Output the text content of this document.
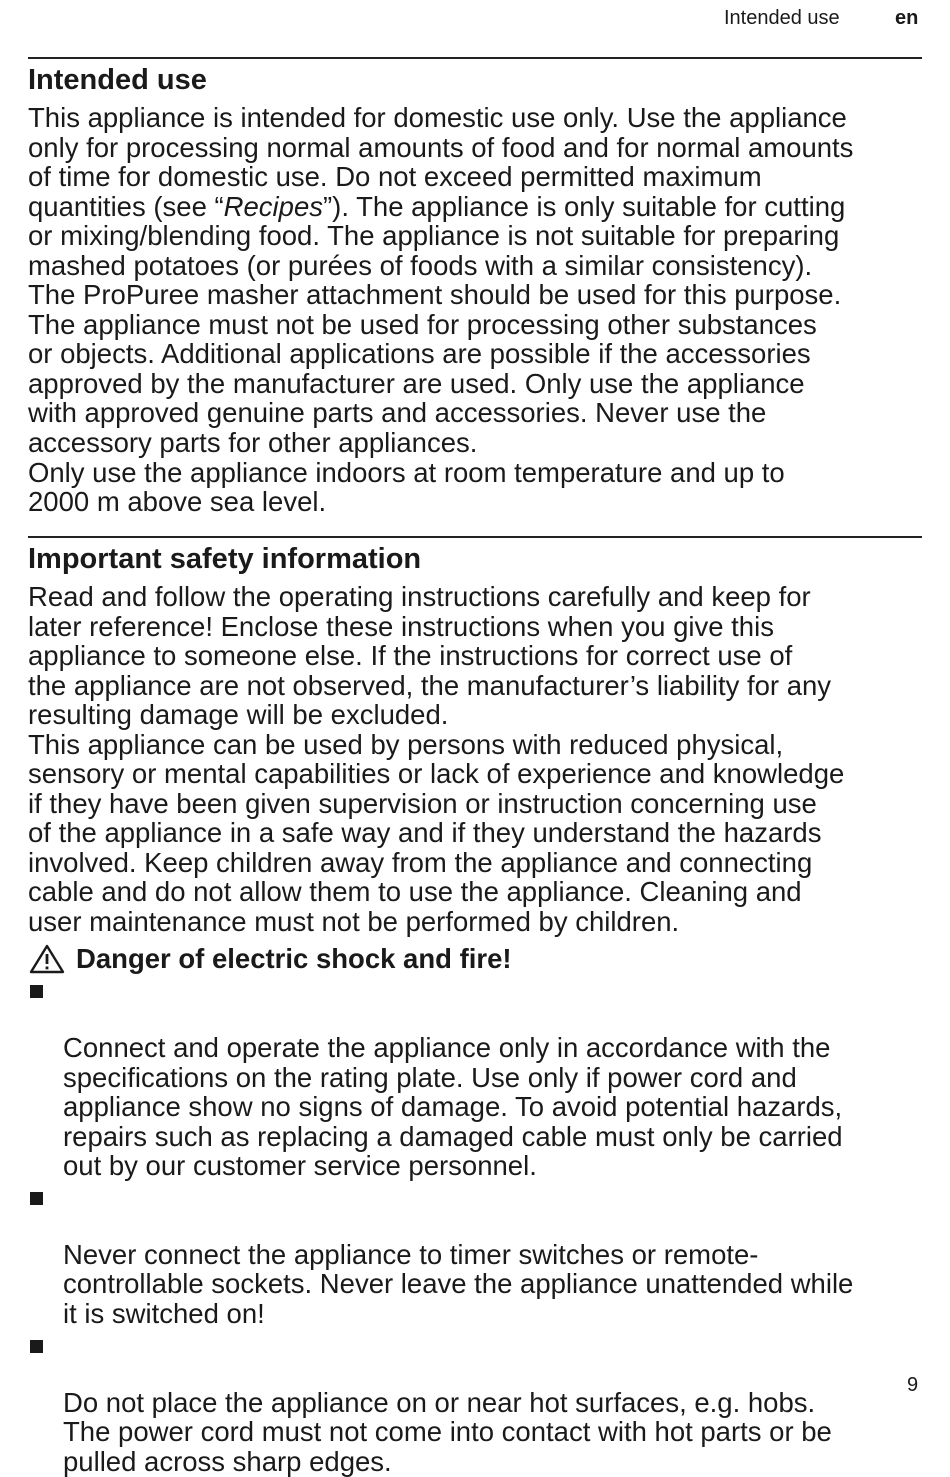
Intended use	en
Intended use

This appliance is intended for domestic use only. Use the appliance
only for processing normal amounts of food and for normal amounts
of time for domestic use. Do not exceed permitted maximum
quantities (see “Recipes”). The appliance is only suitable for cutting
or mixing/blending food. The appliance is not suitable for preparing
mashed potatoes (or purées of foods with a similar consistency).
The ProPuree masher attachment should be used for this purpose.
The appliance must not be used for processing other substances
or objects. Additional applications are possible if the accessories
approved by the manufacturer are used. Only use the appliance
with approved genuine parts and accessories. Never use the
accessory parts for other appliances.
Only use the appliance indoors at room temperature and up to
2000 m above sea level.

Important safety information

Read and follow the operating instructions carefully and keep for
later reference! Enclose these instructions when you give this
appliance to someone else. If the instructions for correct use of
the appliance are not observed, the manufacturer’s liability for any
resulting damage will be excluded.
This appliance can be used by persons with reduced physical,
sensory or mental capabilities or lack of experience and knowledge
if they have been given supervision or instruction concerning use
of the appliance in a safe way and if they understand the hazards
involved. Keep children away from the appliance and connecting
cable and do not allow them to use the appliance. Cleaning and
user maintenance must not be performed by children.

Danger of electric shock and fire!

Connect and operate the appliance only in accordance with the
specifications on the rating plate. Use only if power cord and
appliance show no signs of damage. To avoid potential hazards,
repairs such as replacing a damaged cable must only be carried
out by our customer service personnel.

Never connect the appliance to timer switches or remote-
controllable sockets. Never leave the appliance unattended while
it is switched on!

Do not place the appliance on or near hot surfaces, e.g. hobs.
The power cord must not come into contact with hot parts or be
pulled across sharp edges.

9
